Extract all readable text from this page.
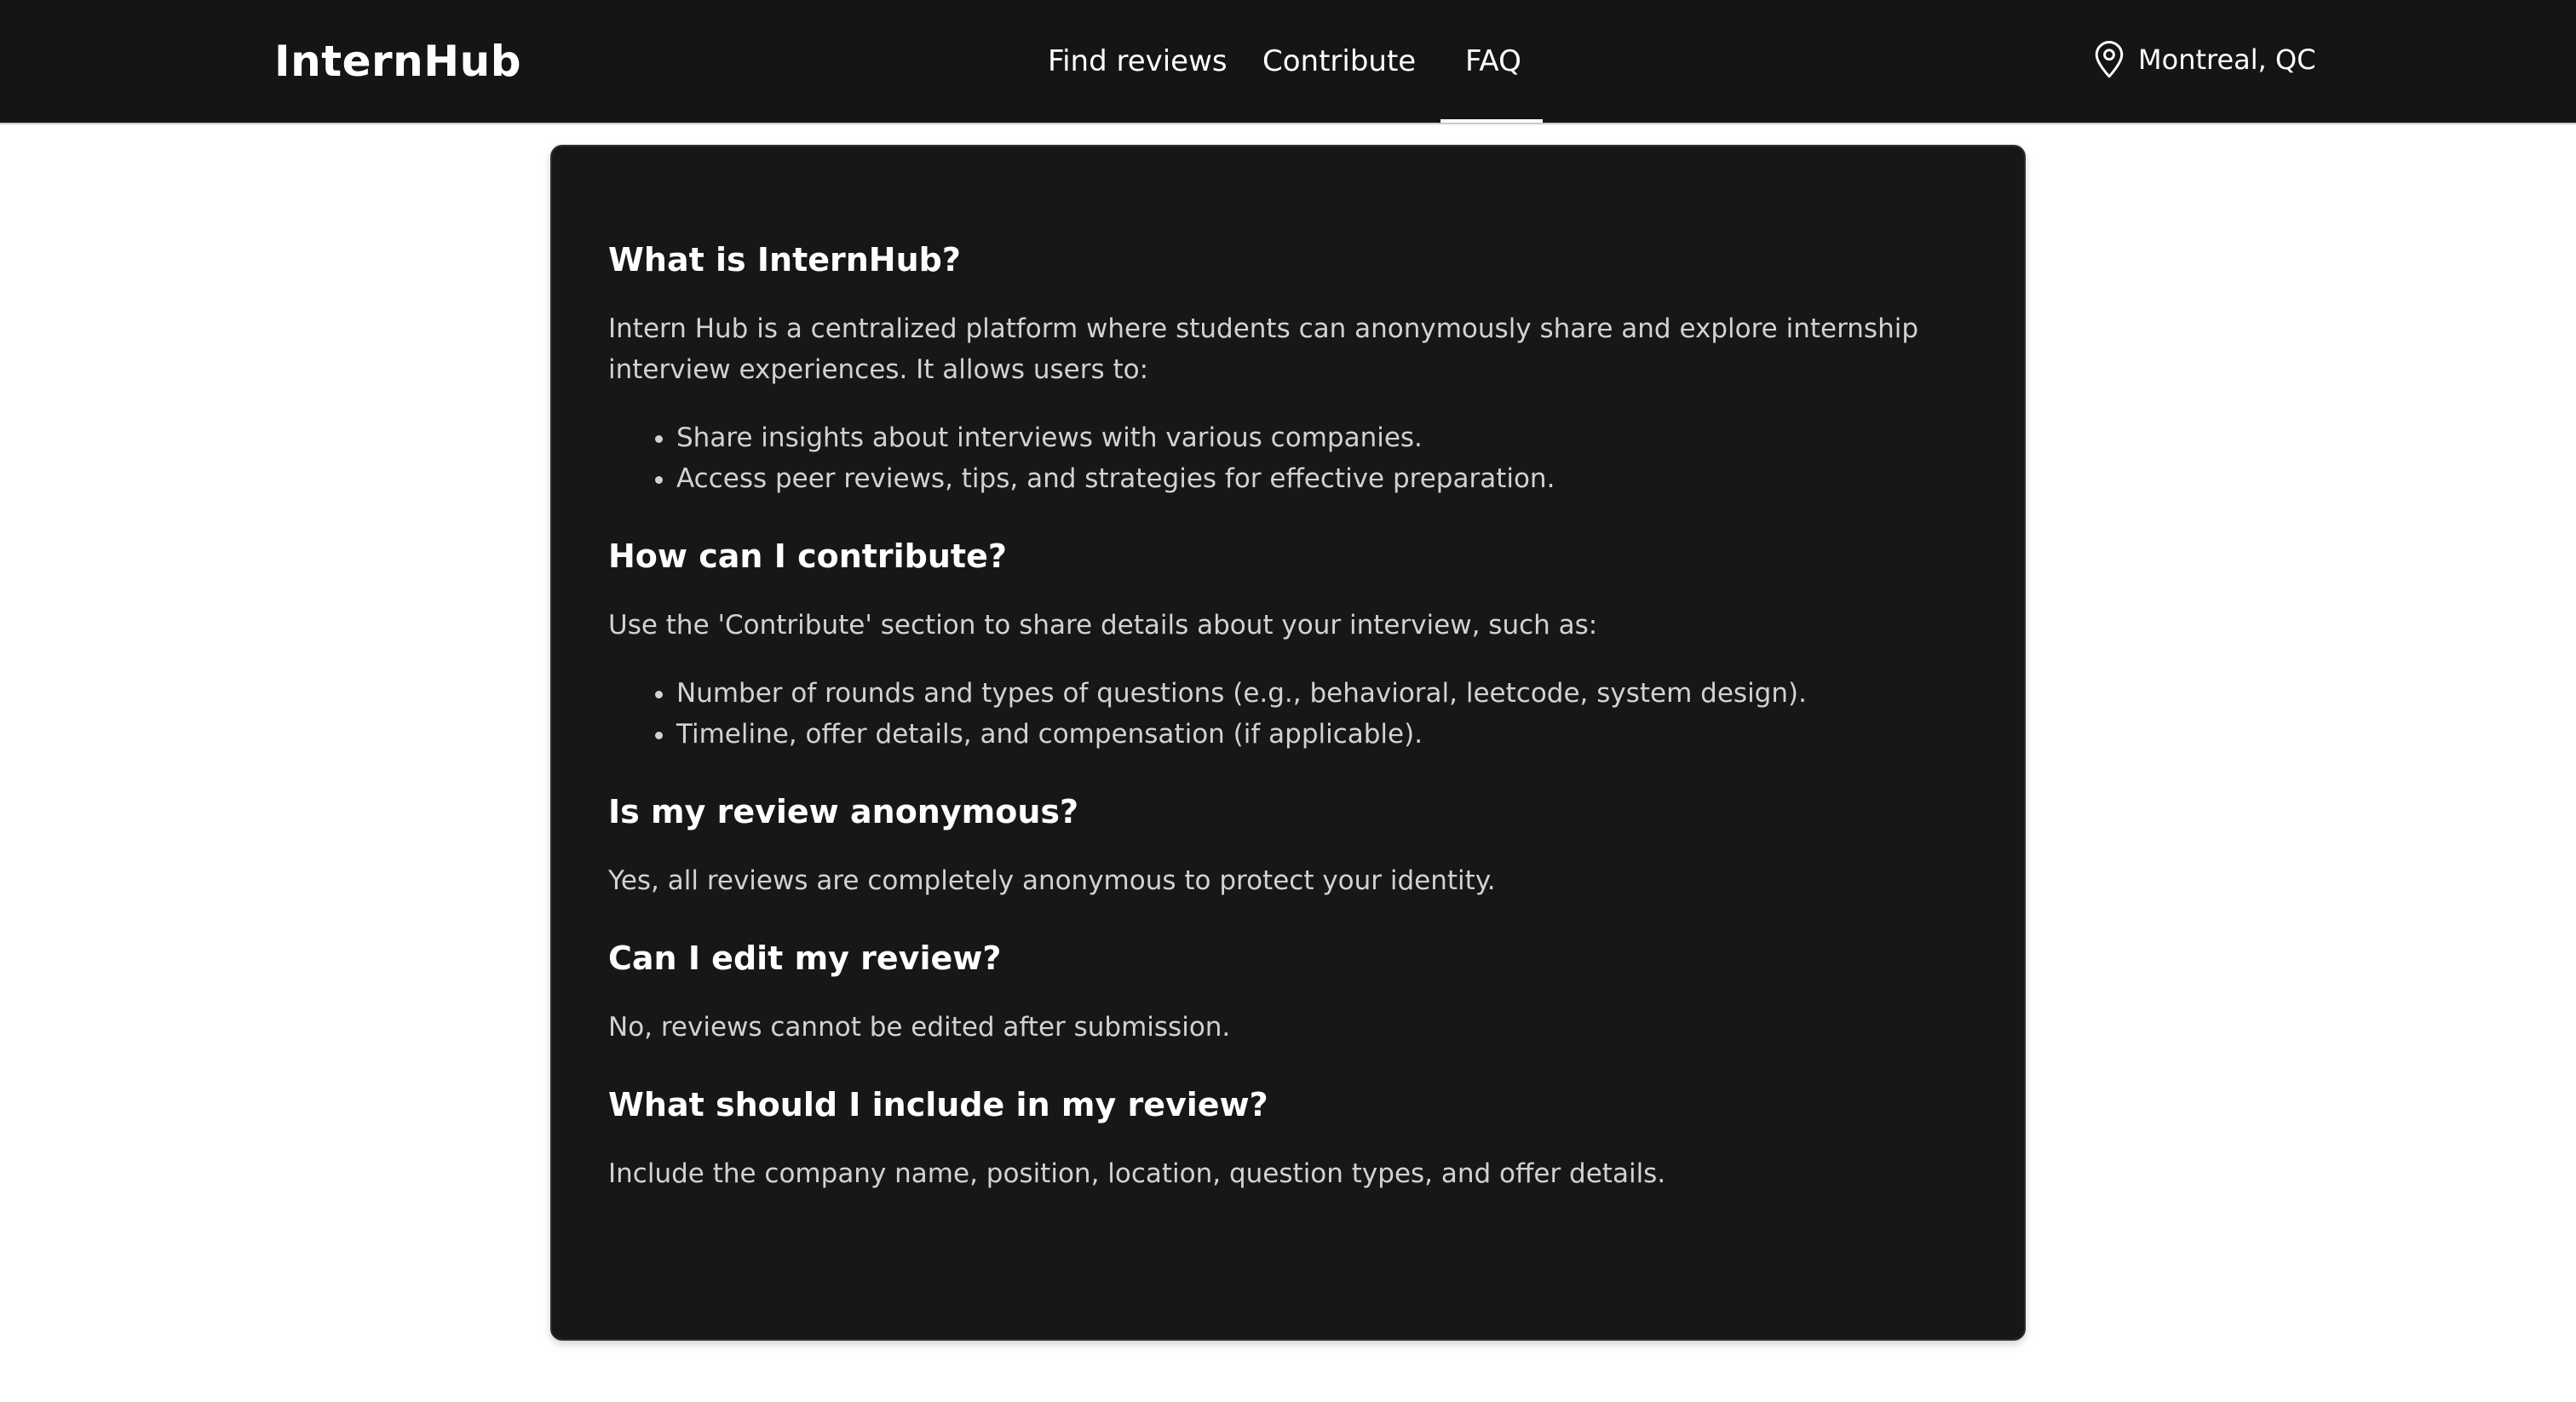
InternHub	Find reviews Contribute FAQ	Montreal, QC
What is InternHub?

Intern Hub is a centralized platform where students can anonymously share and explore internship interview experiences. It allows users to:

• Share insights about interviews with various companies.
• Access peer reviews, tips, and strategies for effective preparation.
How can I contribute?

Use the 'Contribute' section to share details about your interview, such as:

• Number of rounds and types of questions (e.g., behavioral, leetcode, system design).
• Timeline, offer details, and compensation (if applicable).
Is my review anonymous?

Yes, all reviews are completely anonymous to protect your identity.

Can I edit my review?

No, reviews cannot be edited after submission.

What should I include in my review?

Include the company name, position, location, question types, and offer details.
